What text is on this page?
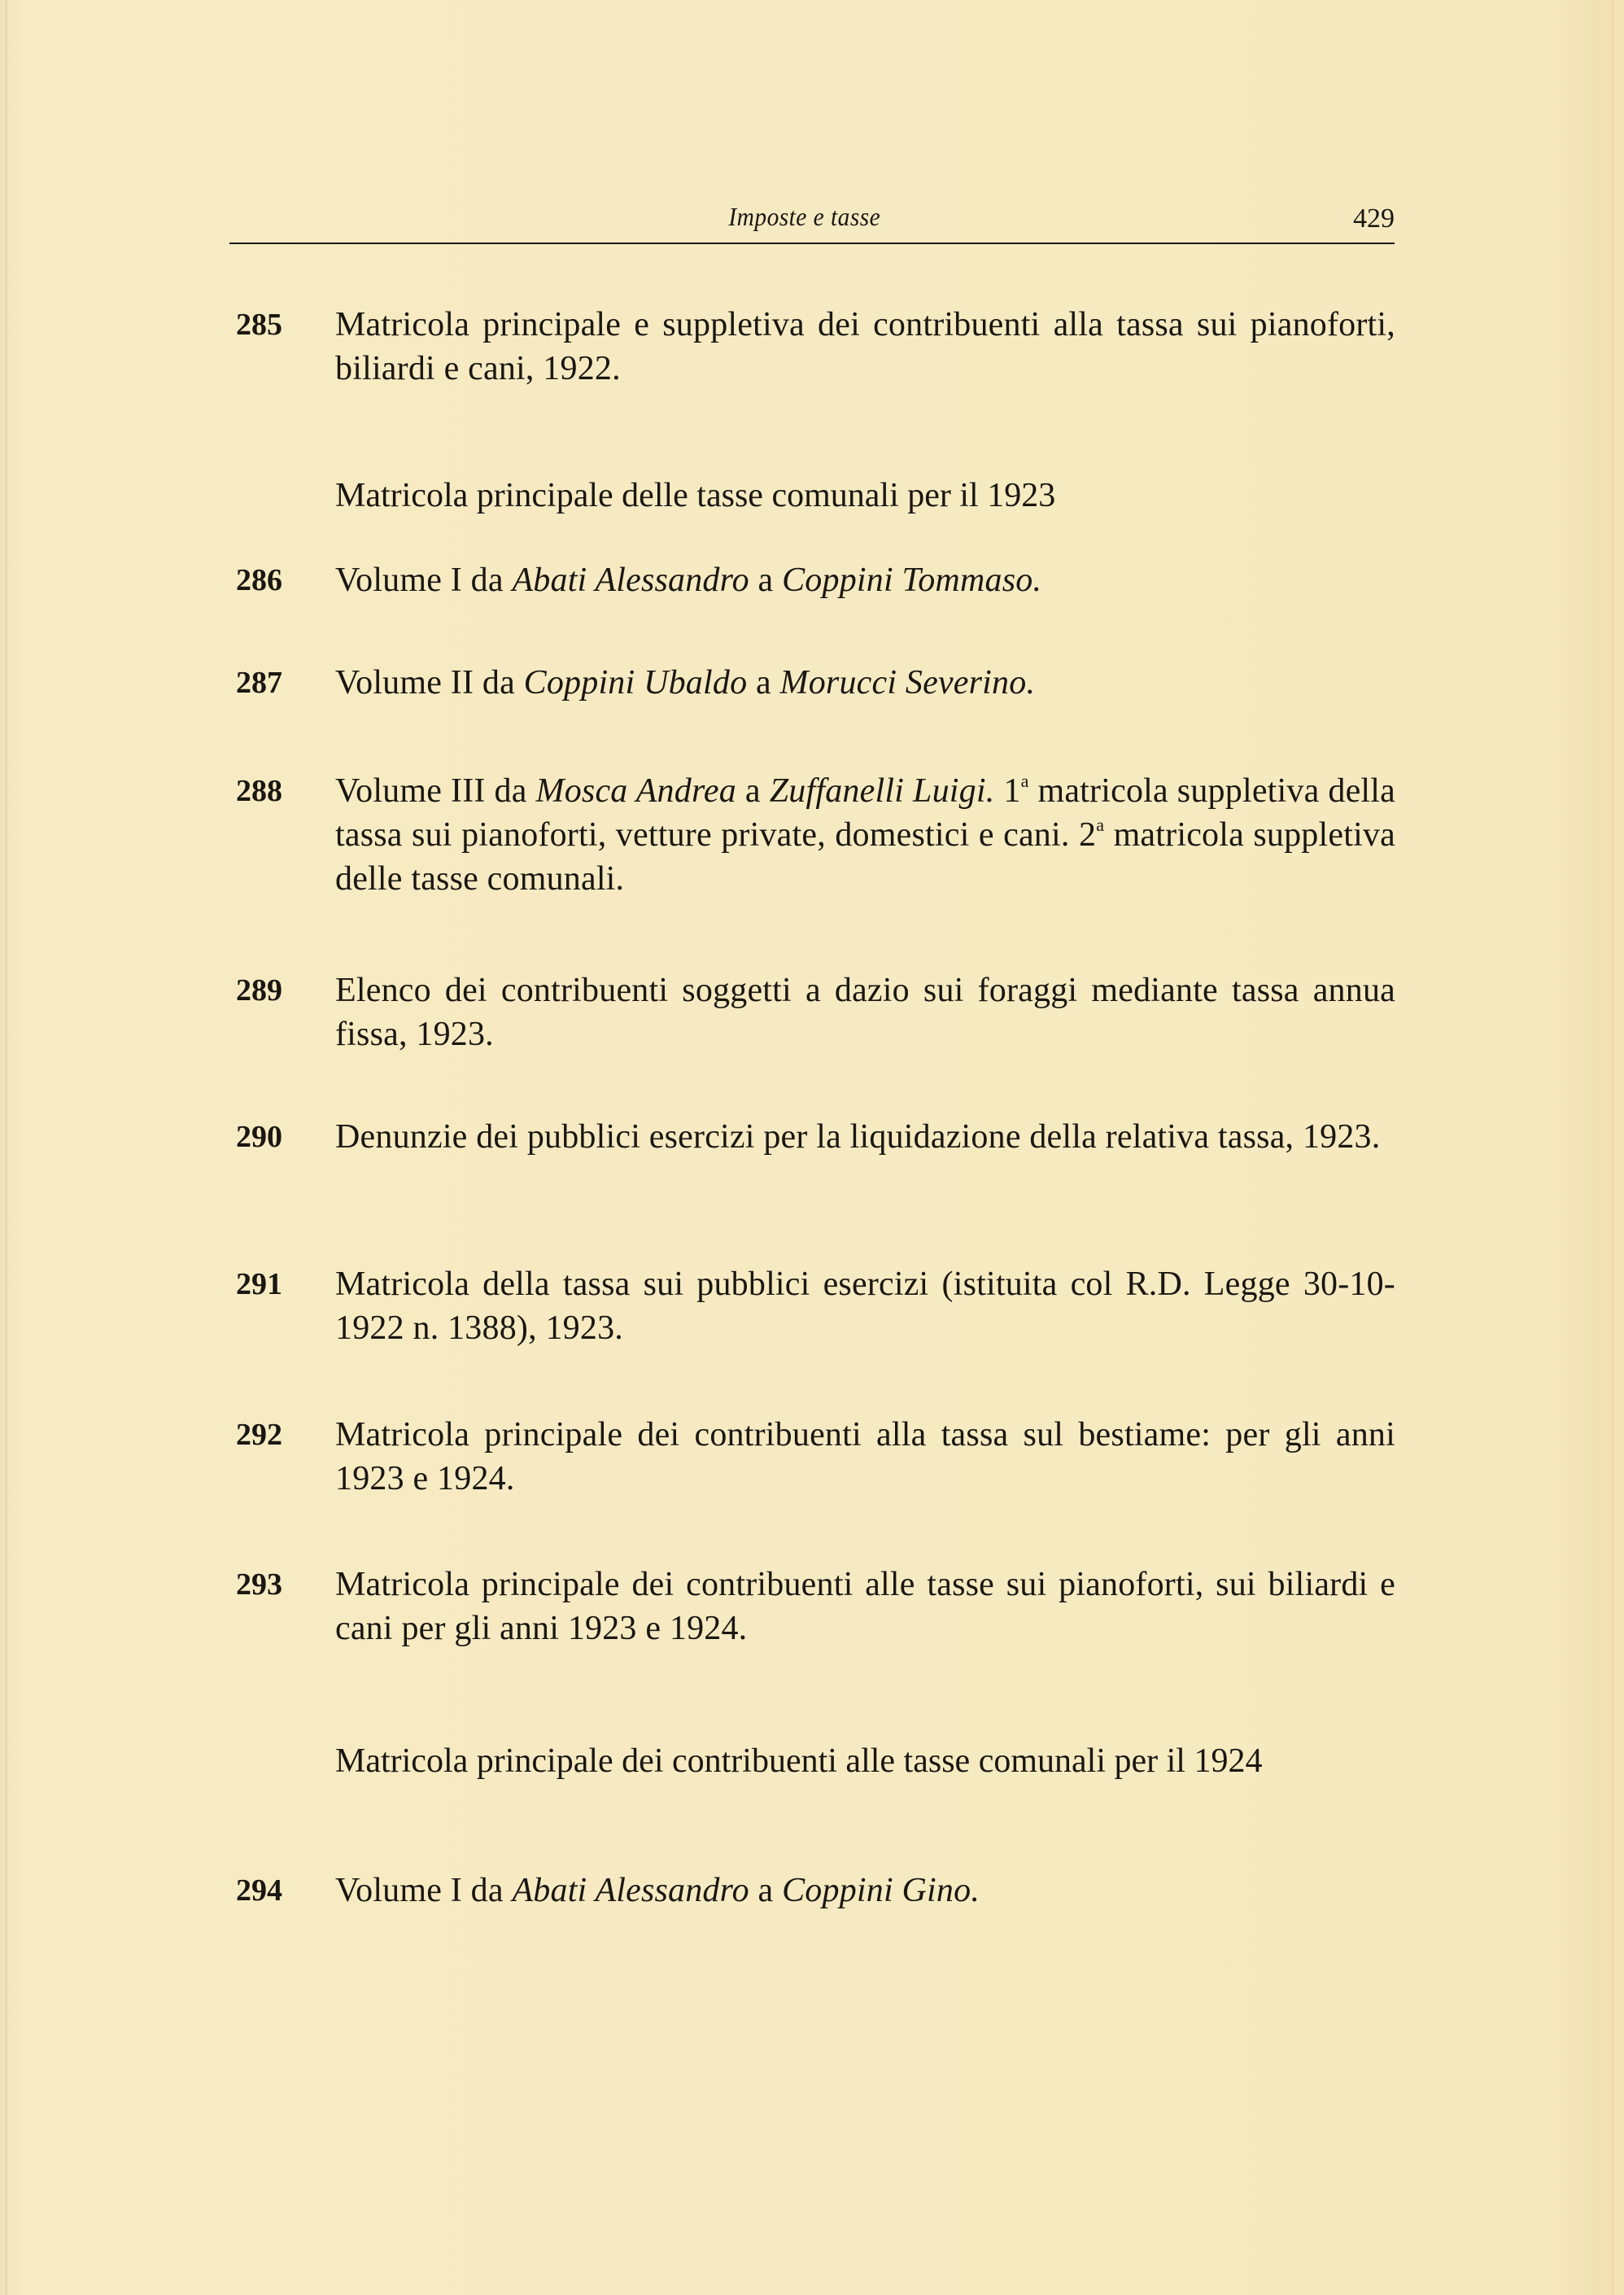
Imposte e tasse	429
285 Matricola principale e suppletiva dei contribuenti alla tassa sui pianoforti, biliardi e cani, 1922.
Matricola principale delle tasse comunali per il 1923
286 Volume I da Abati Alessandro a Coppini Tommaso.
287 Volume II da Coppini Ubaldo a Morucci Severino.
288 Volume III da Mosca Andrea a Zuffanelli Luigi. 1$^a$ matricola suppletiva della tassa sui pianoforti, vetture private, domestici e cani. 2$^a$ matricola suppletiva delle tasse comunali.
289 Elenco dei contribuenti soggetti a dazio sui foraggi mediante tassa annua fissa, 1923.
290 Denunzie dei pubblici esercizi per la liquidazione della relativa tassa, 1923.
291 Matricola della tassa sui pubblici esercizi (istituita col R.D. Legge 30-10-1922 n. 1388), 1923.
292 Matricola principale dei contribuenti alla tassa sul bestiame: per gli anni 1923 e 1924.
293 Matricola principale dei contribuenti alle tasse sui pianoforti, sui biliardi e cani per gli anni 1923 e 1924.
Matricola principale dei contribuenti alle tasse comunali per il 1924
294 Volume I da Abati Alessandro a Coppini Gino.
